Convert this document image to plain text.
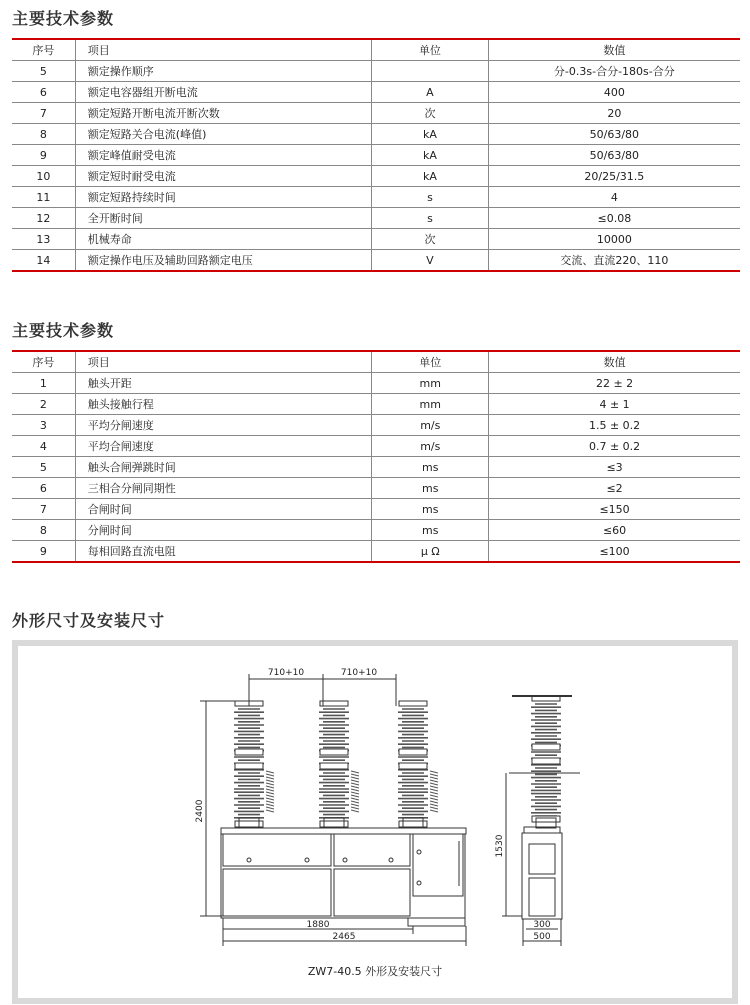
主要技术参数
序号	项目	单位	数值
5	额定操作顺序		分-0.3s-合分-180s-合分
6	额定电容器组开断电流	A	400
7	额定短路开断电流开断次数	次	20
8	额定短路关合电流(峰值)	kA	50/63/80
9	额定峰值耐受电流	kA	50/63/80
10	额定短时耐受电流	kA	20/25/31.5
11	额定短路持续时间	s	4
12	全开断时间	s	≤0.08
13	机械寿命	次	10000
14	额定操作电压及辅助回路额定电压	V	交流、直流220、110
主要技术参数
序号	项目	单位	数值
1	触头开距	mm	22 ± 2
2	触头接触行程	mm	4 ± 1
3	平均分闸速度	m/s	1.5 ± 0.2
4	平均合闸速度	m/s	0.7 ± 0.2
5	触头合闸弹跳时间	ms	≤3
6	三相合分闸同期性	ms	≤2
7	合闸时间	ms	≤150
8	分闸时间	ms	≤60
9	每相回路直流电阻	μ Ω	≤100
外形尺寸及安装尺寸
710+10	710+10
2400
1880
2465
1530
300
500
ZW7-40.5 外形及安装尺寸
